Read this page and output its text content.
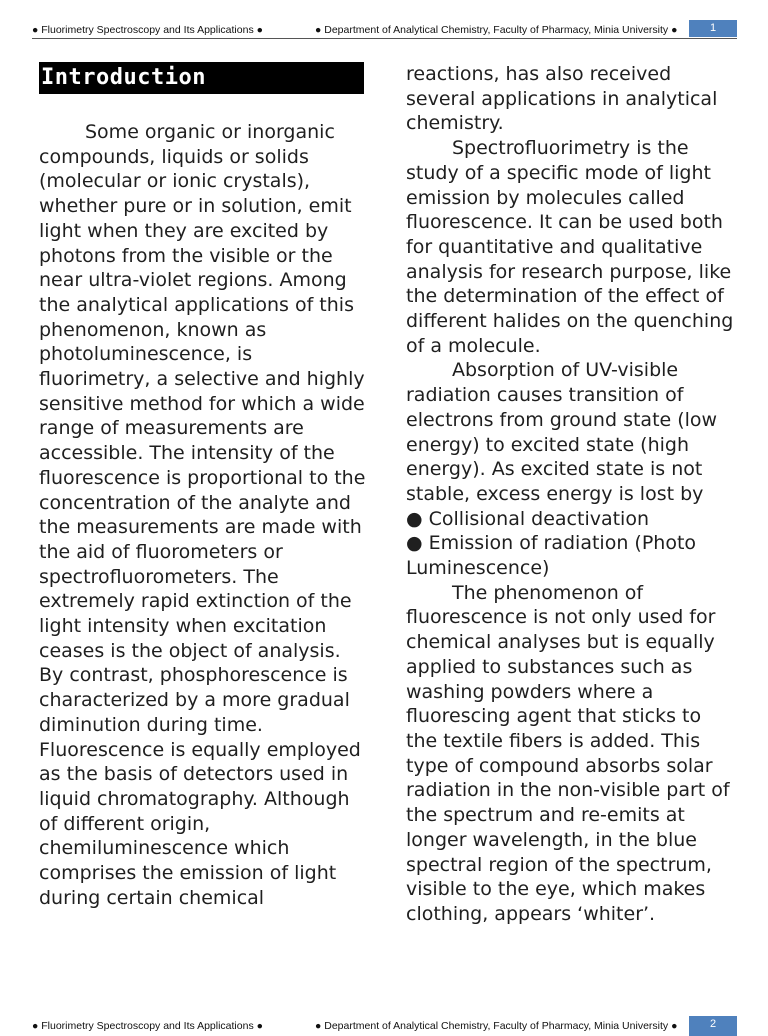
● Fluorimetry Spectroscopy and Its Applications ●	● Department of Analytical Chemistry, Faculty of Pharmacy, Minia University ●	1
Introduction

Some organic or inorganic compounds, liquids or solids (molecular or ionic crystals), whether pure or in solution, emit light when they are excited by photons from the visible or the near ultra-violet regions. Among the analytical applications of this phenomenon, known as photoluminescence, is fluorimetry, a selective and highly sensitive method for which a wide range of measurements are accessible. The intensity of the fluorescence is proportional to the concentration of the analyte and the measurements are made with the aid of fluorometers or spectrofluorometers. The extremely rapid extinction of the light intensity when excitation ceases is the object of analysis. By contrast, phosphorescence is characterized by a more gradual diminution during time. Fluorescence is equally employed as the basis of detectors used in liquid chromatography. Although of different origin, chemiluminescence which comprises the emission of light during certain chemical

reactions, has also received several applications in analytical chemistry.

Spectrofluorimetry is the study of a specific mode of light emission by molecules called fluorescence. It can be used both for quantitative and qualitative analysis for research purpose, like the determination of the effect of different halides on the quenching of a molecule.

Absorption of UV-visible radiation causes transition of electrons from ground state (low energy) to excited state (high energy). As excited state is not stable, excess energy is lost by

● Collisional deactivation

● Emission of radiation (Photo Luminescence)

The phenomenon of fluorescence is not only used for chemical analyses but is equally applied to substances such as washing powders where a fluorescing agent that sticks to the textile fibers is added. This type of compound absorbs solar radiation in the non-visible part of the spectrum and re-emits at longer wavelength, in the blue spectral region of the spectrum, visible to the eye, which makes clothing, appears ‘whiter’.

● Fluorimetry Spectroscopy and Its Applications ●	● Department of Analytical Chemistry, Faculty of Pharmacy, Minia University ●	2
